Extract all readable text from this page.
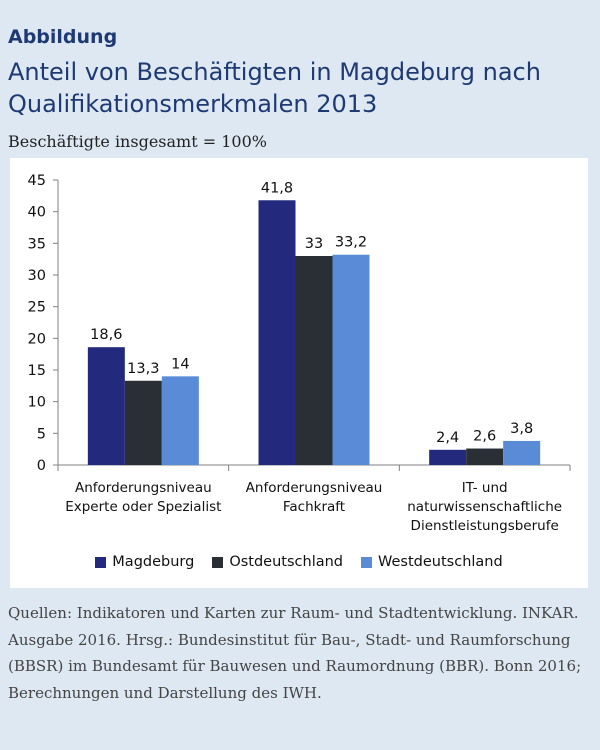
Abbildung
Anteil von Beschäftigten in Magdeburg nach Qualifikationsmerkmalen 2013
Beschäftigte insgesamt = 100%
0
5
10
15
20
25
30
35
40
45
18,6
13,3 14
Anforderungsniveau
Experte oder Spezialist
41,8
33 33,2
Anforderungsniveau
Fachkraft
2,4 2,6 3,8
IT- und
naturwissenschaftliche
Dienstleistungsberufe
Magdeburg Ostdeutschland Westdeutschland
Quellen: Indikatoren und Karten zur Raum- und Stadtentwicklung. INKAR. Ausgabe 2016. Hrsg.: Bundesinstitut für Bau-, Stadt- und Raumforschung (BBSR) im Bundesamt für Bauwesen und Raumordnung (BBR). Bonn 2016; Berechnungen und Darstellung des IWH.
